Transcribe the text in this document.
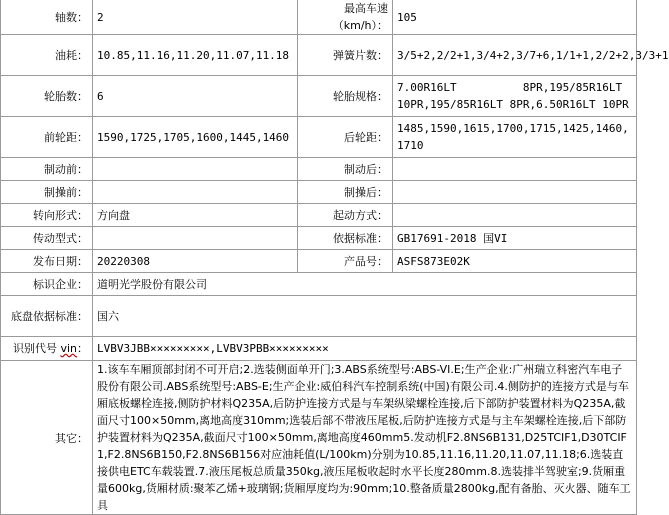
轴数：	2	最高车速（km/h）：	105
油耗：	10.85,11.16,11.20,11.07,11.18	弹簧片数：	3/5+2,2/2+1,3/4+2,3/7+6,1/1+1,2/2+2,3/3+1
轮胎数：	6	轮胎规格：	7.00R16LT          8PR,195/85R16LT 10PR,195/85R16LT 8PR,6.50R16LT 10PR
前轮距：	1590,1725,1705,1600,1445,1460	后轮距：	1485,1590,1615,1700,1715,1425,1460,1710
制动前：		制动后：	
制操前：		制操后：	
转向形式：	方向盘	起动方式：	
传动型式：		依据标准：	GB17691-2018 国VI
发布日期：	20220308	产品号：	ASFS873E02K
标识企业：	道明光学股份有限公司		
底盘依据标准：	国六		
识别代号 vin：	LVBV3JBB×××××××××,LVBV3PBB×××××××××		
其它：	1.该车车厢顶部封闭不可开启;2.选装侧面单开门;3.ABS系统型号:ABS-VI.E;生产企业:广州瑞立科密汽车电子股份有限公司.ABS系统型号:ABS-E;生产企业:威伯科汽车控制系统(中国)有限公司.4.侧防护的连接方式是与车厢底板螺栓连接,侧防护材料Q235A,后防护连接方式是与车架纵梁螺栓连接,后下部防护装置材料为Q235A,截面尺寸100×50mm,离地高度310mm;选装后部不带液压尾板,后防护连接方式是与主车架螺栓连接,后下部防护装置材料为Q235A,截面尺寸100×50mm,离地高度460mm5.发动机F2.8NS6B131,D25TCIF1,D30TCIF1,F2.8NS6B150,F2.8NS6B156对应油耗值(L/100km)分别为10.85,11.16,11.20,11.07,11.18;6.选装直接供电ETC车载装置.7.液压尾板总质量350kg,液压尾板收起时水平长度280mm.8.选装排半驾驶室;9.货厢重量600kg,货厢材质:聚苯乙烯+玻璃钢;货厢厚度均为:90mm;10.整备质量2800kg,配有备胎、灭火器、随车工具		
